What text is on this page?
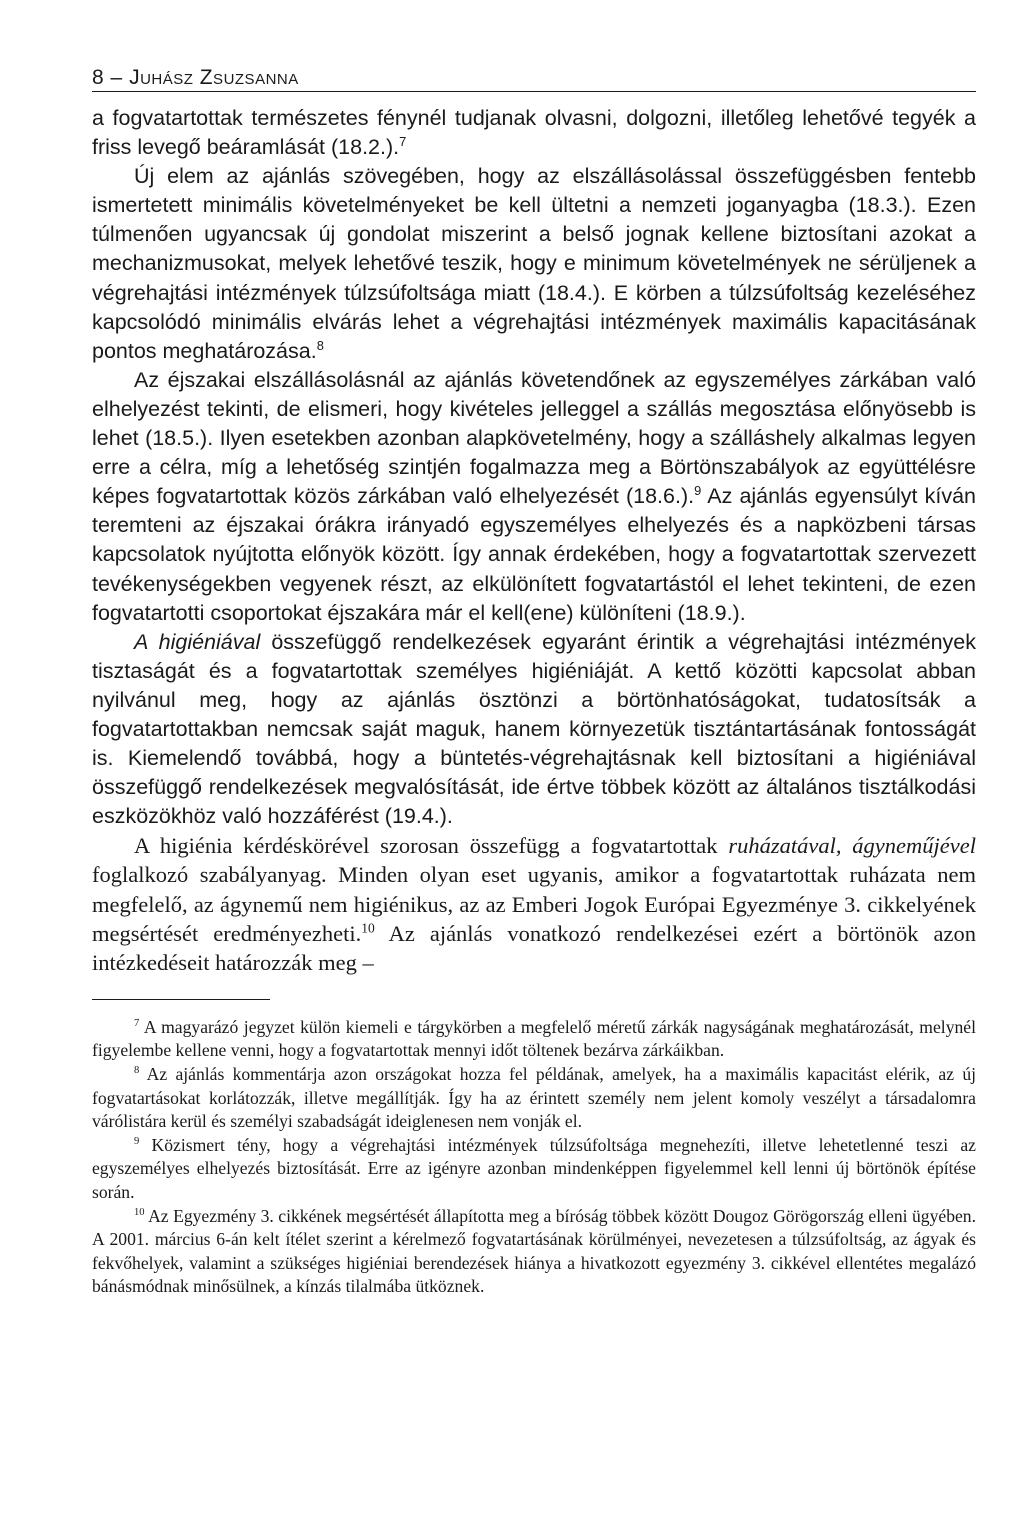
8 – Juhász Zsuzsanna

a fogvatartottak természetes fénynél tudjanak olvasni, dolgozni, illetőleg lehetővé tegyék a friss levegő beáramlását (18.2.).$^7$

Új elem az ajánlás szövegében, hogy az elszállásolással összefüggésben fentebb ismertetett minimális követelményeket be kell ültetni a nemzeti joganyagba (18.3.). Ezen túlmenően ugyancsak új gondolat miszerint a belső jognak kellene biztosítani azokat a mechanizmusokat, melyek lehetővé teszik, hogy e minimum követelmények ne sérüljenek a végrehajtási intézmények túlzsúfoltsága miatt (18.4.). E körben a túlzsúfoltság kezeléséhez kapcsolódó minimális elvárás lehet a végrehajtási intézmények maximális kapacitásának pontos meghatározása.$^8$

Az éjszakai elszállásolásnál az ajánlás követendőnek az egyszemélyes zárkában való elhelyezést tekinti, de elismeri, hogy kivételes jelleggel a szállás megosztása előnyösebb is lehet (18.5.). Ilyen esetekben azonban alapkövetelmény, hogy a szálláshely alkalmas legyen erre a célra, míg a lehetőség szintjén fogalmazza meg a Börtönszabályok az együttélésre képes fogvatartottak közös zárkában való elhelyezését (18.6.).$^9$ Az ajánlás egyensúlyt kíván teremteni az éjszakai órákra irányadó egyszemélyes elhelyezés és a napközbeni társas kapcsolatok nyújtotta előnyök között. Így annak érdekében, hogy a fogvatartottak szervezett tevékenységekben vegyenek részt, az elkülönített fogvatartástól el lehet tekinteni, de ezen fogvatartotti csoportokat éjszakára már el kell(ene) különíteni (18.9.).

A higiéniával összefüggő rendelkezések egyaránt érintik a végrehajtási intézmények tisztaságát és a fogvatartottak személyes higiéniáját. A kettő közötti kapcsolat abban nyilvánul meg, hogy az ajánlás ösztönzi a börtönhatóságokat, tudatosítsák a fogvatartottakban nemcsak saját maguk, hanem környezetük tisztántartásának fontosságát is. Kiemelendő továbbá, hogy a büntetés-végrehajtásnak kell biztosítani a higiéniával összefüggő rendelkezések megvalósítását, ide értve többek között az általános tisztálkodási eszközökhöz való hozzáférést (19.4.).

A higiénia kérdéskörével szorosan összefügg a fogvatartottak ruházatával, ágyneműjével foglalkozó szabályanyag. Minden olyan eset ugyanis, amikor a fogvatartottak ruházata nem megfelelő, az ágynemű nem higiénikus, az az Emberi Jogok Európai Egyezménye 3. cikkelyének megsértését eredményezheti.$^{10}$ Az ajánlás vonatkozó rendelkezései ezért a börtönök azon intézkedéseit határozzák meg –

$^7$ A magyarázó jegyzet külön kiemeli e tárgykörben a megfelelő méretű zárkák nagyságának meghatározását, melynél figyelembe kellene venni, hogy a fogvatartottak mennyi időt töltenek bezárva zárkáikban.

$^8$ Az ajánlás kommentárja azon országokat hozza fel példának, amelyek, ha a maximális kapacitást elérik, az új fogvatartásokat korlátozzák, illetve megállítják. Így ha az érintett személy nem jelent komoly veszélyt a társadalomra várólistára kerül és személyi szabadságát ideiglenesen nem vonják el.

$^9$ Közismert tény, hogy a végrehajtási intézmények túlzsúfoltsága megnehezíti, illetve lehetetlenné teszi az egyszemélyes elhelyezés biztosítását. Erre az igényre azonban mindenképpen figyelemmel kell lenni új börtönök építése során.

$^{10}$ Az Egyezmény 3. cikkének megsértését állapította meg a bíróság többek között Dougoz Görögország elleni ügyében. A 2001. március 6-án kelt ítélet szerint a kérelmező fogvatartásának körülményei, nevezetesen a túlzsúfoltság, az ágyak és fekvőhelyek, valamint a szükséges higiéniai berendezések hiánya a hivatkozott egyezmény 3. cikkével ellentétes megalázó bánásmódnak minősülnek, a kínzás tilalmába ütköznek.
